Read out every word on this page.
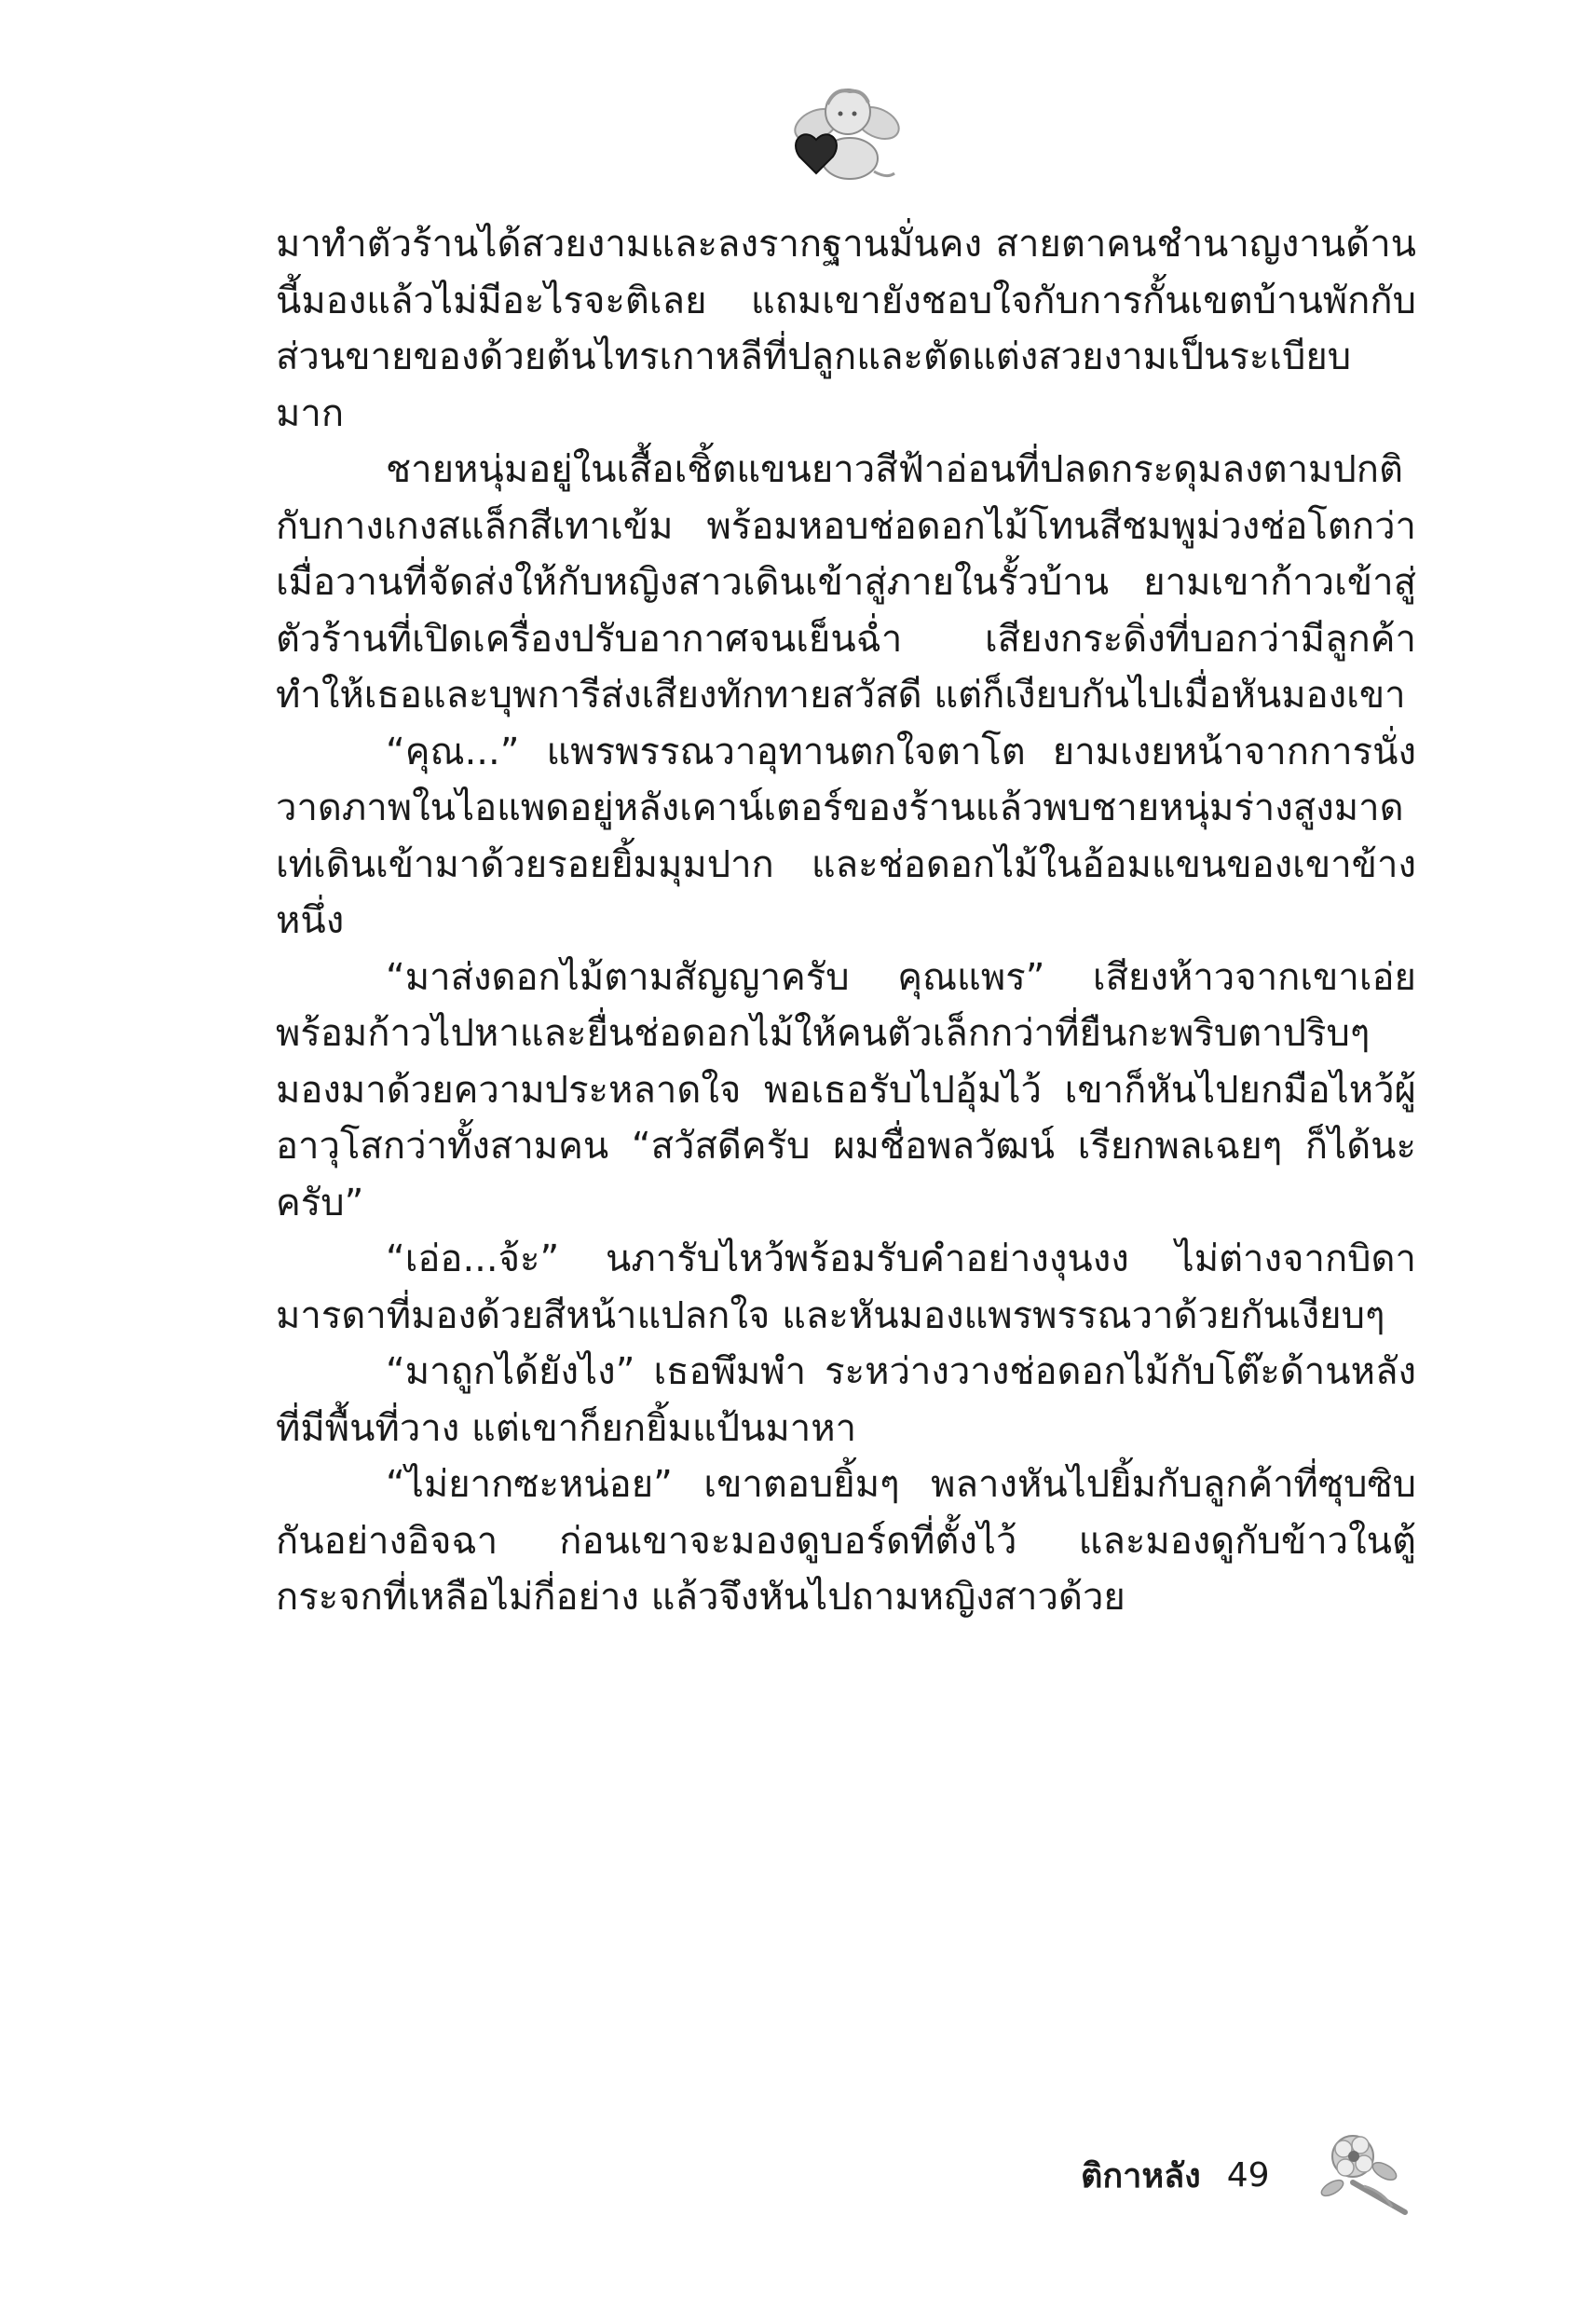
มาทำตัวร้านได้สวยงามและลงรากฐานมั่นคง สายตาคนชำนาญงานด้านนี้มองแล้วไม่มีอะไรจะติเลย แถมเขายังชอบใจกับการกั้นเขตบ้านพักกับส่วนขายของด้วยต้นไทรเกาหลีที่ปลูกและตัดแต่งสวยงามเป็นระเบียบมาก

ชายหนุ่มอยู่ในเสื้อเชิ้ตแขนยาวสีฟ้าอ่อนที่ปลดกระดุมลงตามปกติกับกางเกงสแล็กสีเทาเข้ม พร้อมหอบช่อดอกไม้โทนสีชมพูม่วงช่อโตกว่าเมื่อวานที่จัดส่งให้กับหญิงสาวเดินเข้าสู่ภายในรั้วบ้าน ยามเขาก้าวเข้าสู่ตัวร้านที่เปิดเครื่องปรับอากาศจนเย็นฉ่ำ เสียงกระดิ่งที่บอกว่ามีลูกค้าทำให้เธอและบุพการีส่งเสียงทักทายสวัสดี แต่ก็เงียบกันไปเมื่อหันมองเขา

“คุณ...” แพรพรรณวาอุทานตกใจตาโต ยามเงยหน้าจากการนั่งวาดภาพในไอแพดอยู่หลังเคาน์เตอร์ของร้านแล้วพบชายหนุ่มร่างสูงมาดเท่เดินเข้ามาด้วยรอยยิ้มมุมปาก และช่อดอกไม้ในอ้อมแขนของเขาข้างหนึ่ง

“มาส่งดอกไม้ตามสัญญาครับ คุณแพร” เสียงห้าวจากเขาเอ่ยพร้อมก้าวไปหาและยื่นช่อดอกไม้ให้คนตัวเล็กกว่าที่ยืนกะพริบตาปริบๆ มองมาด้วยความประหลาดใจ พอเธอรับไปอุ้มไว้ เขาก็หันไปยกมือไหว้ผู้อาวุโสกว่าทั้งสามคน “สวัสดีครับ ผมชื่อพลวัฒน์ เรียกพลเฉยๆ ก็ได้นะครับ”

“เอ่อ...จ้ะ” นภารับไหว้พร้อมรับคำอย่างงุนงง ไม่ต่างจากบิดามารดาที่มองด้วยสีหน้าแปลกใจ และหันมองแพรพรรณวาด้วยกันเงียบๆ

“มาถูกได้ยังไง” เธอพึมพำ ระหว่างวางช่อดอกไม้กับโต๊ะด้านหลังที่มีพื้นที่วาง แต่เขาก็ยกยิ้มแป้นมาหา

“ไม่ยากซะหน่อย” เขาตอบยิ้มๆ พลางหันไปยิ้มกับลูกค้าที่ซุบซิบกันอย่างอิจฉา ก่อนเขาจะมองดูบอร์ดที่ตั้งไว้ และมองดูกับข้าวในตู้กระจกที่เหลือไม่กี่อย่าง แล้วจึงหันไปถามหญิงสาวด้วย

ติกาหลัง 49
